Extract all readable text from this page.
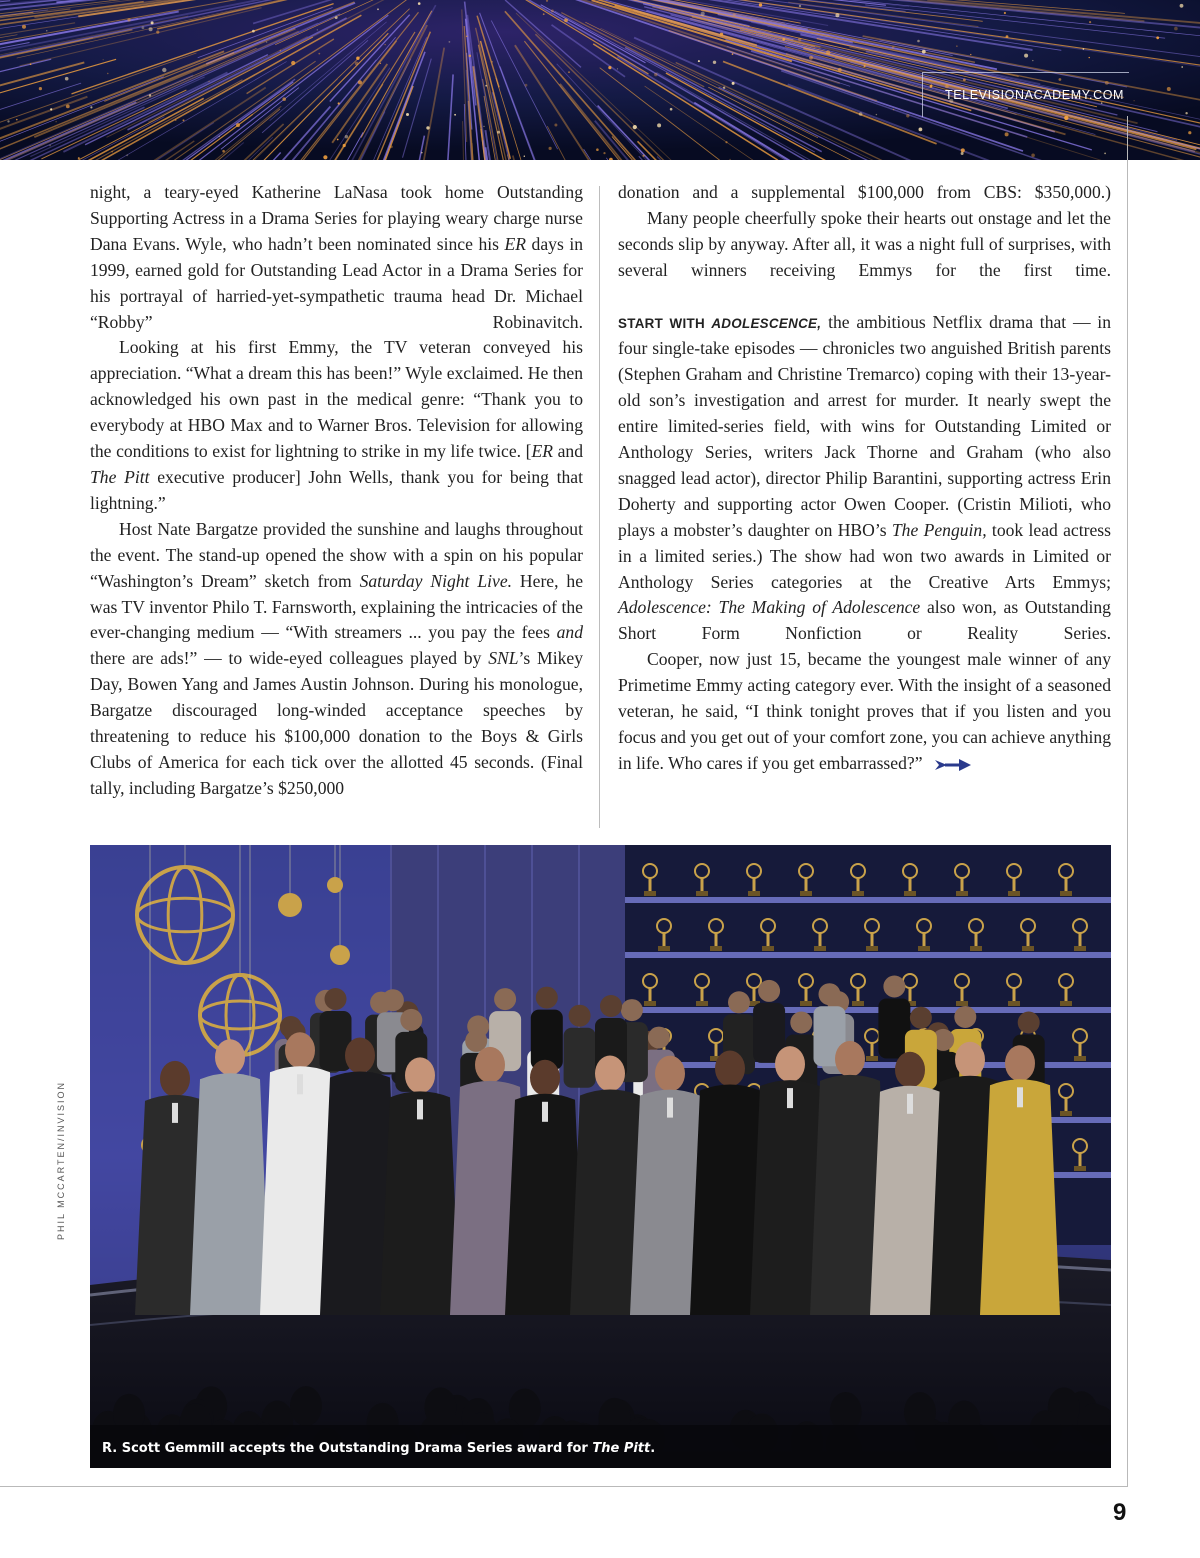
TELEVISIONACADEMY.COM

night, a teary-eyed Katherine LaNasa took home Outstanding Supporting Actress in a Drama Series for playing weary charge nurse Dana Evans. Wyle, who hadn’t been nominated since his ER days in 1999, earned gold for Outstanding Lead Actor in a Drama Series for his portrayal of harried-yet-sympathetic trauma head Dr. Michael “Robby” Robinavitch.

Looking at his first Emmy, the TV veteran conveyed his appreciation. “What a dream this has been!” Wyle exclaimed. He then acknowledged his own past in the medical genre: “Thank you to everybody at HBO Max and to Warner Bros. Television for allowing the conditions to exist for lightning to strike in my life twice. [ER and The Pitt executive producer] John Wells, thank you for being that lightning.”

Host Nate Bargatze provided the sunshine and laughs throughout the event. The stand-up opened the show with a spin on his popular “Washington’s Dream” sketch from Saturday Night Live. Here, he was TV inventor Philo T. Farnsworth, explaining the intricacies of the ever-changing medium — “With streamers ... you pay the fees and there are ads!” — to wide-eyed colleagues played by SNL’s Mikey Day, Bowen Yang and James Austin Johnson. During his monologue, Bargatze discouraged long-winded acceptance speeches by threatening to reduce his $100,000 donation to the Boys & Girls Clubs of America for each tick over the allotted 45 seconds. (Final tally, including Bargatze’s $250,000

donation and a supplemental $100,000 from CBS: $350,000.)

Many people cheerfully spoke their hearts out onstage and let the seconds slip by anyway. After all, it was a night full of surprises, with several winners receiving Emmys for the first time.

START WITH ADOLESCENCE, the ambitious Netflix drama that — in four single-take episodes — chronicles two anguished British parents (Stephen Graham and Christine Tremarco) coping with their 13-year-old son’s investigation and arrest for murder. It nearly swept the entire limited-series field, with wins for Outstanding Limited or Anthology Series, writers Jack Thorne and Graham (who also snagged lead actor), director Philip Barantini, supporting actress Erin Doherty and supporting actor Owen Cooper. (Cristin Milioti, who plays a mobster’s daughter on HBO’s The Penguin, took lead actress in a limited series.) The show had won two awards in Limited or Anthology Series categories at the Creative Arts Emmys; Adolescence: The Making of Adolescence also won, as Outstanding Short Form Nonfiction or Reality Series.

Cooper, now just 15, became the youngest male winner of any Primetime Emmy acting category ever. With the insight of a seasoned veteran, he said, “I think tonight proves that if you listen and you focus and you get out of your comfort zone, you can achieve anything in life. Who cares if you get embarrassed?”

R. Scott Gemmill accepts the Outstanding Drama Series award for The Pitt.
PHIL MCCARTEN/INVISION
9
